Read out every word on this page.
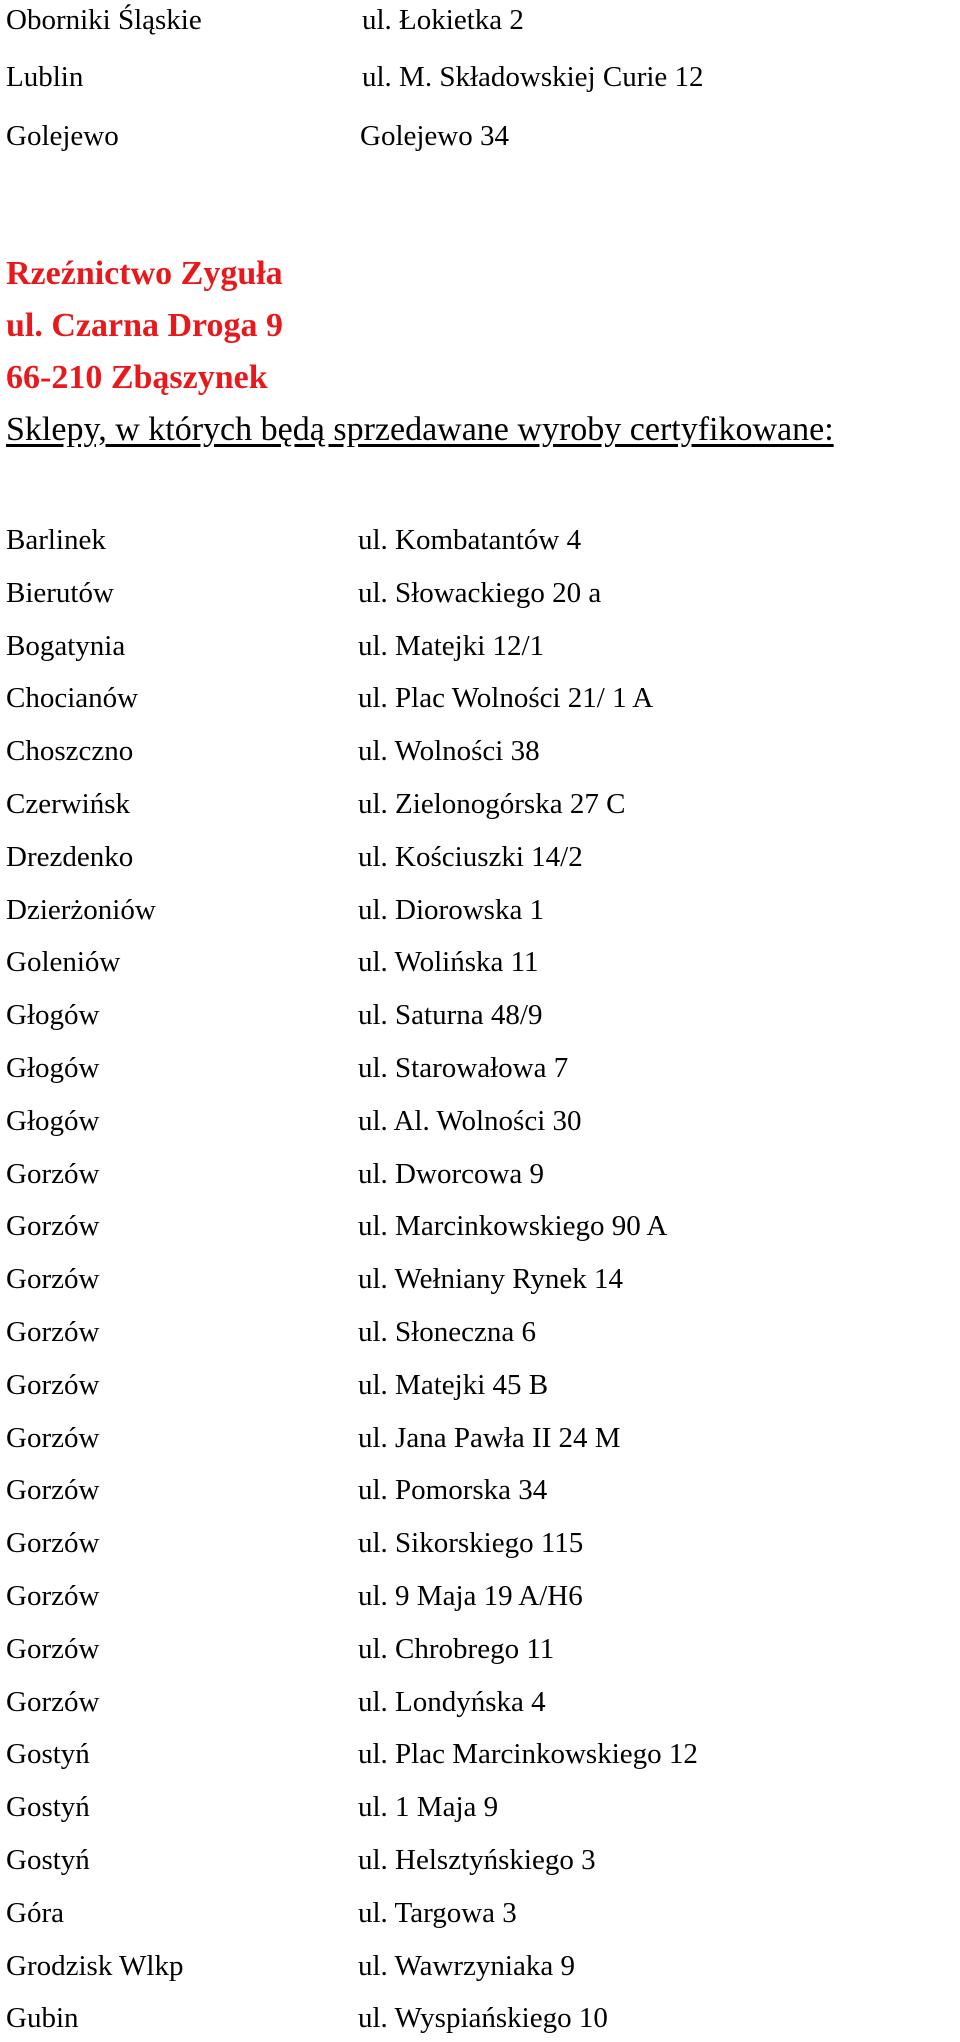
Oborniki Śląskie	ul. Łokietka 2
Lublin	ul. M. Składowskiej Curie 12
Golejewo	Golejewo 34
Rzeźnictwo Zyguła
ul. Czarna Droga 9
66-210 Zbąszynek
Sklepy, w których będą sprzedawane wyroby certyfikowane:
Barlinek	ul. Kombatantów 4
Bierutów	ul. Słowackiego 20 a
Bogatynia	ul. Matejki 12/1
Chocianów	ul. Plac Wolności 21/ 1 A
Choszczno	ul. Wolności 38
Czerwińsk	ul. Zielonogórska 27 C
Drezdenko	ul. Kościuszki 14/2
Dzierżoniów	ul. Diorowska 1
Goleniów	ul. Wolińska 11
Głogów	ul. Saturna 48/9
Głogów	ul. Starowałowa 7
Głogów	ul. Al. Wolności 30
Gorzów	ul. Dworcowa 9
Gorzów	ul. Marcinkowskiego 90 A
Gorzów	ul. Wełniany Rynek 14
Gorzów	ul. Słoneczna 6
Gorzów	ul. Matejki 45 B
Gorzów	ul. Jana Pawła II 24 M
Gorzów	ul. Pomorska 34
Gorzów	ul. Sikorskiego 115
Gorzów	ul. 9 Maja 19 A/H6
Gorzów	ul. Chrobrego 11
Gorzów	ul. Londyńska 4
Gostyń	ul. Plac Marcinkowskiego 12
Gostyń	ul. 1 Maja 9
Gostyń	ul. Helsztyńskiego 3
Góra	ul. Targowa 3
Grodzisk Wlkp	ul. Wawrzyniaka 9
Gubin	ul. Wyspiańskiego 10
